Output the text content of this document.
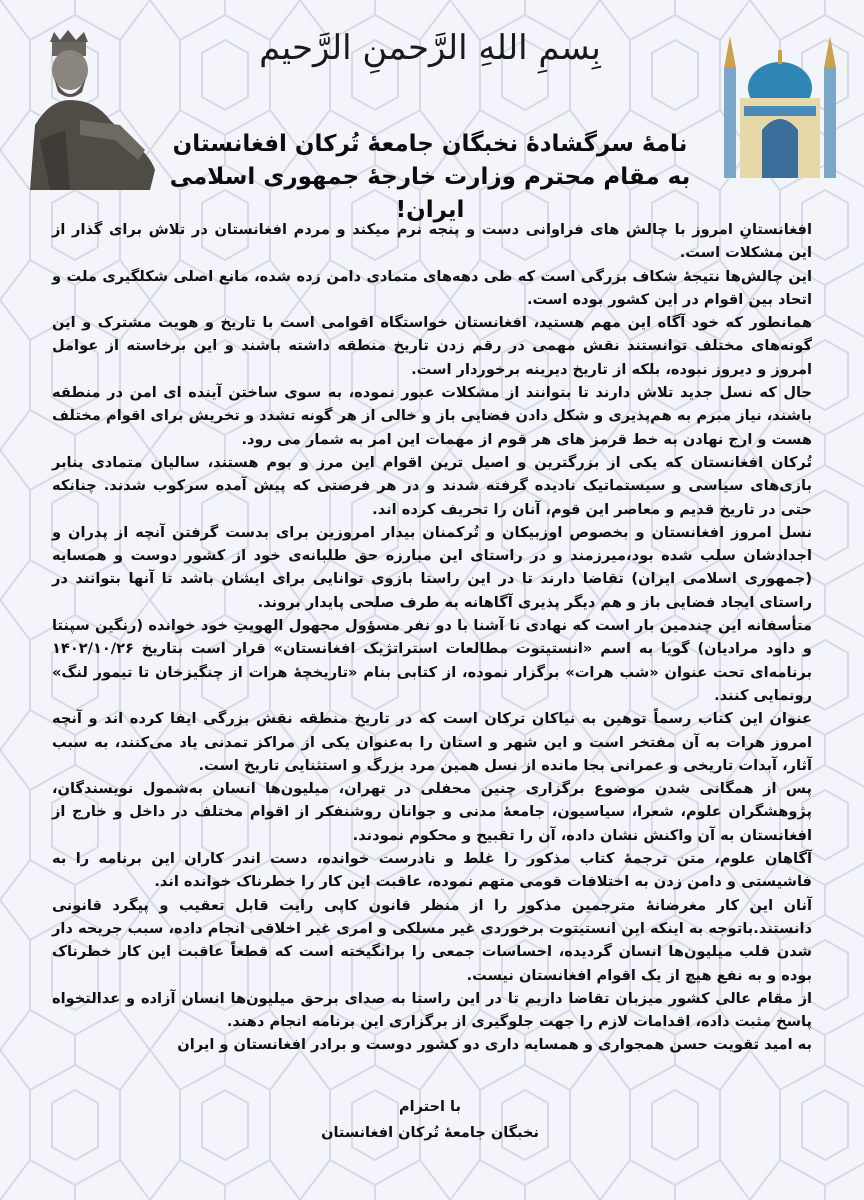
بِسمِ اللهِ الرَّحمنِ الرَّحیم
نامۀ سرگشادۀ نخبگان جامعۀ تُرکان افغانستان
به مقام محترم وزارت خارجۀ جمهوری اسلامی ایران!

افغانستانِ امروز با چالش های فراوانی دست و پنجه نرم میکند و مردم افغانستان در تلاش برای گذار از این مشکلات است.

این چالش‌ها نتیجۀ شکاف بزرگی است که طی دهه‌های متمادی دامن زده شده، مانع اصلی شکلگیری ملت و اتحاد بین اقوام در این کشور بوده است.

همانطور که خود آگاه این مهم هستید، افغانستان خواستگاه اقوامی است با تاریخ و هویت مشترک و این گونه‌های مختلف توانستند نقش مهمی در رقم زدن تاریخ منطقه داشته باشند و این برخاسته از عوامل امروز و دیروز نبوده، بلکه از تاریخ دیرینه برخوردار است.

حال که نسل جدید تلاش دارند تا بتوانند از مشکلات عبور نموده، به سوی ساختن آینده ای امن در منطقه باشند، نیاز مبرم به هم‌پذیری و شکل دادن فضایی باز و خالی از هر گونه تشدد و تخریش برای اقوام مختلف هست و ارج نهادن به خط قرمز های هر قوم از مهمات این امر به شمار می رود.

تُرکان افغانستان که یکی از بزرگترین و اصیل ترین اقوام این مرز و بوم هستند، سالیان متمادی بنابر بازی‌های سیاسی و سیستماتیک نادیده گرفته شدند و در هر فرصتی که پیش آمده سرکوب شدند. چنانکه حتی در تاریخ قدیم و معاصر این قوم، آنان را تحریف کرده اند.

نسل امروز افغانستان و بخصوص اوزبیکان و تُرکمنان بیدار امروزین برای بدست گرفتن آنچه از پدران و اجدادشان سلب شده بود،میرزمند و در راستای این مبارزه حق طلبانه‌ی خود از کشور دوست و همسایه (جمهوری اسلامی ایران) تقاضا دارند تا در این راستا بازوی توانایی برای ایشان باشد تا آنها بتوانند در راستای ایجاد فضایی باز و هم دیگر پذیری آگاهانه به طرف صلحی پایدار بروند.

متأسفانه این چندمین بار است که نهادی نا آشنا با دو نفر مسؤول مجهول الهویتِ خود خوانده (رنگین سپنتا و داود مرادیان) گویا به اسم «انستیتوت مطالعات استراتژیک افغانستان» قرار است بتاریخ ۱۴۰۲/۱۰/۲۶ برنامه‌ای تحت عنوان «شب هرات» برگزار نموده، از کتابی بنام «تاریخچۀ هرات از چنگیزخان تا تیمور لنگ» رونمایی کنند.

عنوان این کتاب رسماً توهین به نیاکان ترکان است که در تاریخ منطقه نقش بزرگی ایفا کرده اند و آنچه امروز هرات به آن مفتخر است و این شهر و استان را به‌عنوان یکی از مراکز تمدنی یاد می‌کنند، به سبب آثار، آبدات تاریخی و عمرانی بجا مانده از نسل همین مرد بزرگ و استثنایی تاریخ است.

پس از همگانی شدن موضوع برگزاری چنین محفلی در تهران، میلیون‌ها انسان به‌شمول نویسندگان، پژوهشگران علوم، شعرا، سیاسیون، جامعۀ مدنی و جوانان روشنفکر از اقوام مختلف در داخل و خارج از افغانستان به آن واکنش نشان داده، آن را تقبیح و محکوم نمودند.

آگاهان علوم، متن ترجمۀ کتاب مذکور را غلط و نادرست خوانده، دست اندر کاران این برنامه را به فاشیستی و دامن زدن به اختلافات قومی متهم نموده، عاقبت این کار را خطرناک خوانده اند.

آنان این کار مغرضانۀ مترجمین مذکور را از منظر قانون کاپی رایت قابل تعقیب و پیگرد قانونی دانستند.باتوجه به اینکه این انستیتوت برخوردی غیر مسلکی و امری غیر اخلاقی انجام داده، سبب جریحه دار شدن قلب میلیون‌ها انسان گردیده، احساسات جمعی را برانگیخته است که قطعاً عاقبت این کار خطرناک بوده و به نفع هیچ از یک اقوام افغانستان نیست.

از مقام عالی کشور میزبان تقاضا داریم تا در این راستا به صدای برحق میلیون‌ها انسان آزاده و عدالتخواه پاسخ مثبت داده، اقدامات لازم را جهت جلوگیری از برگزاری این برنامه انجام دهند.

به امید تقویت حسن همجواری و همسایه داری دو کشور دوست و برادر افغانستان و ایران

با احترام
نخبگان جامعۀ تُرکان افغانستان
